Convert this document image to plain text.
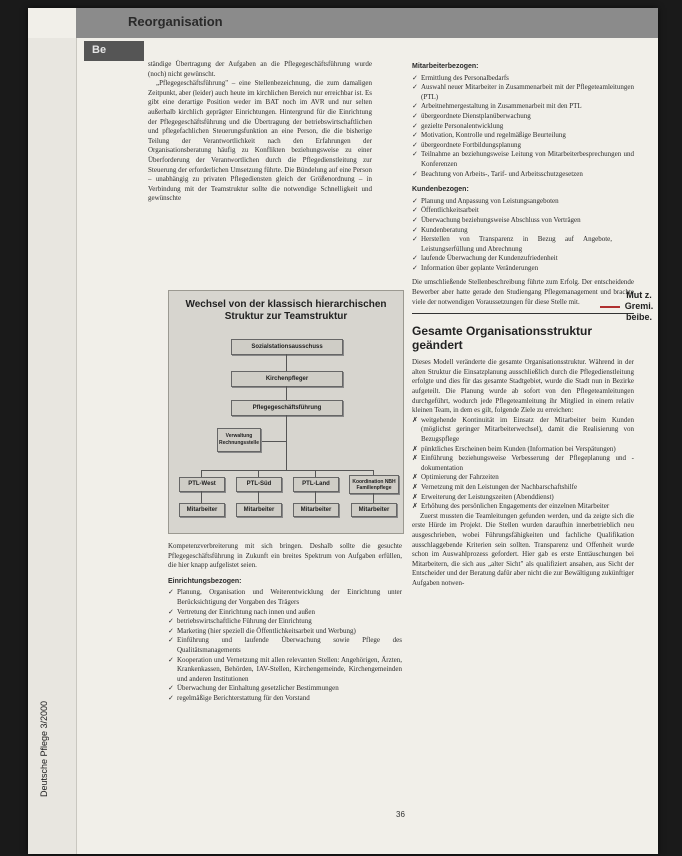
Reorganisation
Deutsche Pflege 3/2000
Be

ständige Übertragung der Aufgaben an die Pflegegeschäftsführung wurde (noch) nicht gewünscht.

„Pflegegeschäftsführung" – eine Stellenbezeichnung, die zum damaligen Zeitpunkt, aber (leider) auch heute im kirchlichen Bereich nur erreichbar ist. Es gibt eine derartige Position weder im BAT noch im AVR und nur selten außerhalb kirchlich geprägter Einrichtungen. Hintergrund für die Einrichtung der Pflegegeschäftsführung und die Übertragung der betriebswirtschaftlichen und pflegefachlichen Steuerungsfunktion an eine Person, die die bisherige Teilung der Verantwortlichkeit nach den Erfahrungen der Organisationsberatung häufig zu Konflikten beziehungsweise zu einer Überforderung der Verantwortlichen durch die Pflegedienstleitung zur Steuerung der erforderlichen Umsetzung führte. Die Bündelung auf eine Person – unabhängig zu privaten Pflegediensten gleich der Größenordnung – in Verbindung mit der Teamstruktur sollte die notwendige Schnelligkeit und gewünschte

Wechsel von der klassisch hierarchischen Struktur zur Teamstruktur
Sozialstationsausschuss
Kirchenpfleger
Pflegegeschäftsführung
Verwaltung Rechnungsstelle
PTL-West	PTL-Süd	PTL-Land	Koordination NBH Familienpflege
Mitarbeiter	Mitarbeiter	Mitarbeiter	Mitarbeiter

Kompetenzverbreiterung mit sich bringen. Deshalb sollte die gesuchte Pflegegeschäftsführung in Zukunft ein breites Spektrum von Aufgaben erfüllen, die hier knapp aufgelistet seien.

Einrichtungsbezogen:
✓ Planung, Organisation und Weiterentwicklung der Einrichtung unter Berücksichtigung der Vorgaben des Trägers
✓ Vertretung der Einrichtung nach innen und außen
✓ betriebswirtschaftliche Führung der Einrichtung
✓ Marketing (hier speziell die Öffentlichkeitsarbeit und Werbung)
✓ Einführung und laufende Überwachung sowie Pflege des Qualitätsmanagements
✓ Kooperation und Vernetzung mit allen relevanten Stellen: Angehörigen, Ärzten, Krankenkassen, Behörden, IAV-Stellen, Kirchengemeinde, Kirchengemeinden und anderen Institutionen
✓ Überwachung der Einhaltung gesetzlicher Bestimmungen
✓ regelmäßige Berichterstattung für den Vorstand
Mitarbeiterbezogen:
✓ Ermittlung des Personalbedarfs
✓ Auswahl neuer Mitarbeiter in Zusammenarbeit mit der Pflegeteamleitungen (PTL)
✓ Arbeitnehmergestaltung in Zusammenarbeit mit den PTL
✓ übergeordnete Dienstplanüberwachung
✓ gezielte Personalentwicklung
✓ Motivation, Kontrolle und regelmäßige Beurteilung
✓ übergeordnete Fortbildungsplanung
✓ Teilnahme an beziehungsweise Leitung von Mitarbeiterbesprechungen und Konferenzen
✓ Beachtung von Arbeits-, Tarif- und Arbeitsschutzgesetzen
Kundenbezogen:
✓ Planung und Anpassung von Leistungsangeboten
✓ Öffentlichkeitsarbeit
✓ Überwachung beziehungsweise Abschluss von Verträgen
✓ Kundenberatung
✓ Herstellen von Transparenz in Bezug auf Angebote, Leistungserfüllung und Abrechnung
✓ laufende Überwachung der Kundenzufriedenheit
✓ Information über geplante Veränderungen

Die umschließende Stellenbeschreibung führte zum Erfolg. Der entscheidende Bewerber aber hatte gerade den Studiengang Pflegemanagement und brachte viele der notwendigen Voraussetzungen für diese Stelle mit.

Gesamte Organisationsstruktur geändert

Dieses Modell veränderte die gesamte Organisationsstruktur. Während in der alten Struktur die Einsatzplanung ausschließlich durch die Pflegedienstleitung erfolgte und dies für das gesamte Stadtgebiet, wurde die Stadt nun in Bezirke aufgeteilt. Die Planung wurde ab sofort von den Pflegeteamleitungen durchgeführt, wodurch jede Pflegeteamleitung ihr Mitglied in einem relativ kleinen Team, in dem es gilt, folgende Ziele zu erreichen:

✗ weitgehende Kontinuität im Einsatz der Mitarbeiter beim Kunden (möglichst geringer Mitarbeiterwechsel), damit die Realisierung von Bezugspflege
✗ pünktliches Erscheinen beim Kunden (Information bei Verspätungen)
✗ Einführung beziehungsweise Verbesserung der Pflegeplanung und -dokumentation
✗ Optimierung der Fahrzeiten
✗ Vernetzung mit den Leistungen der Nachbarschaftshilfe
✗ Erweiterung der Leistungszeiten (Abenddienst)
✗ Erhöhung des persönlichen Engagements der einzelnen Mitarbeiter

Zuerst mussten die Teamleitungen gefunden werden, und da zeigte sich die erste Hürde im Projekt. Die Stellen wurden daraufhin innerbetrieblich neu ausgeschrieben, wobei Führungsfähigkeiten und fachliche Qualifikation ausschlaggebende Kriterien sein sollten. Transparenz und Offenheit wurde schon im Auswahlprozess gefordert. Hier gab es erste Enttäuschungen bei Mitarbeitern, die sich aus „alter Sicht" als qualifiziert ansahen, aus Sicht der Entscheider und der Beratung dafür aber nicht die zur Bewältigung zukünftiger Aufgaben notwen-

Mut z. Gremi. beibe.
36
